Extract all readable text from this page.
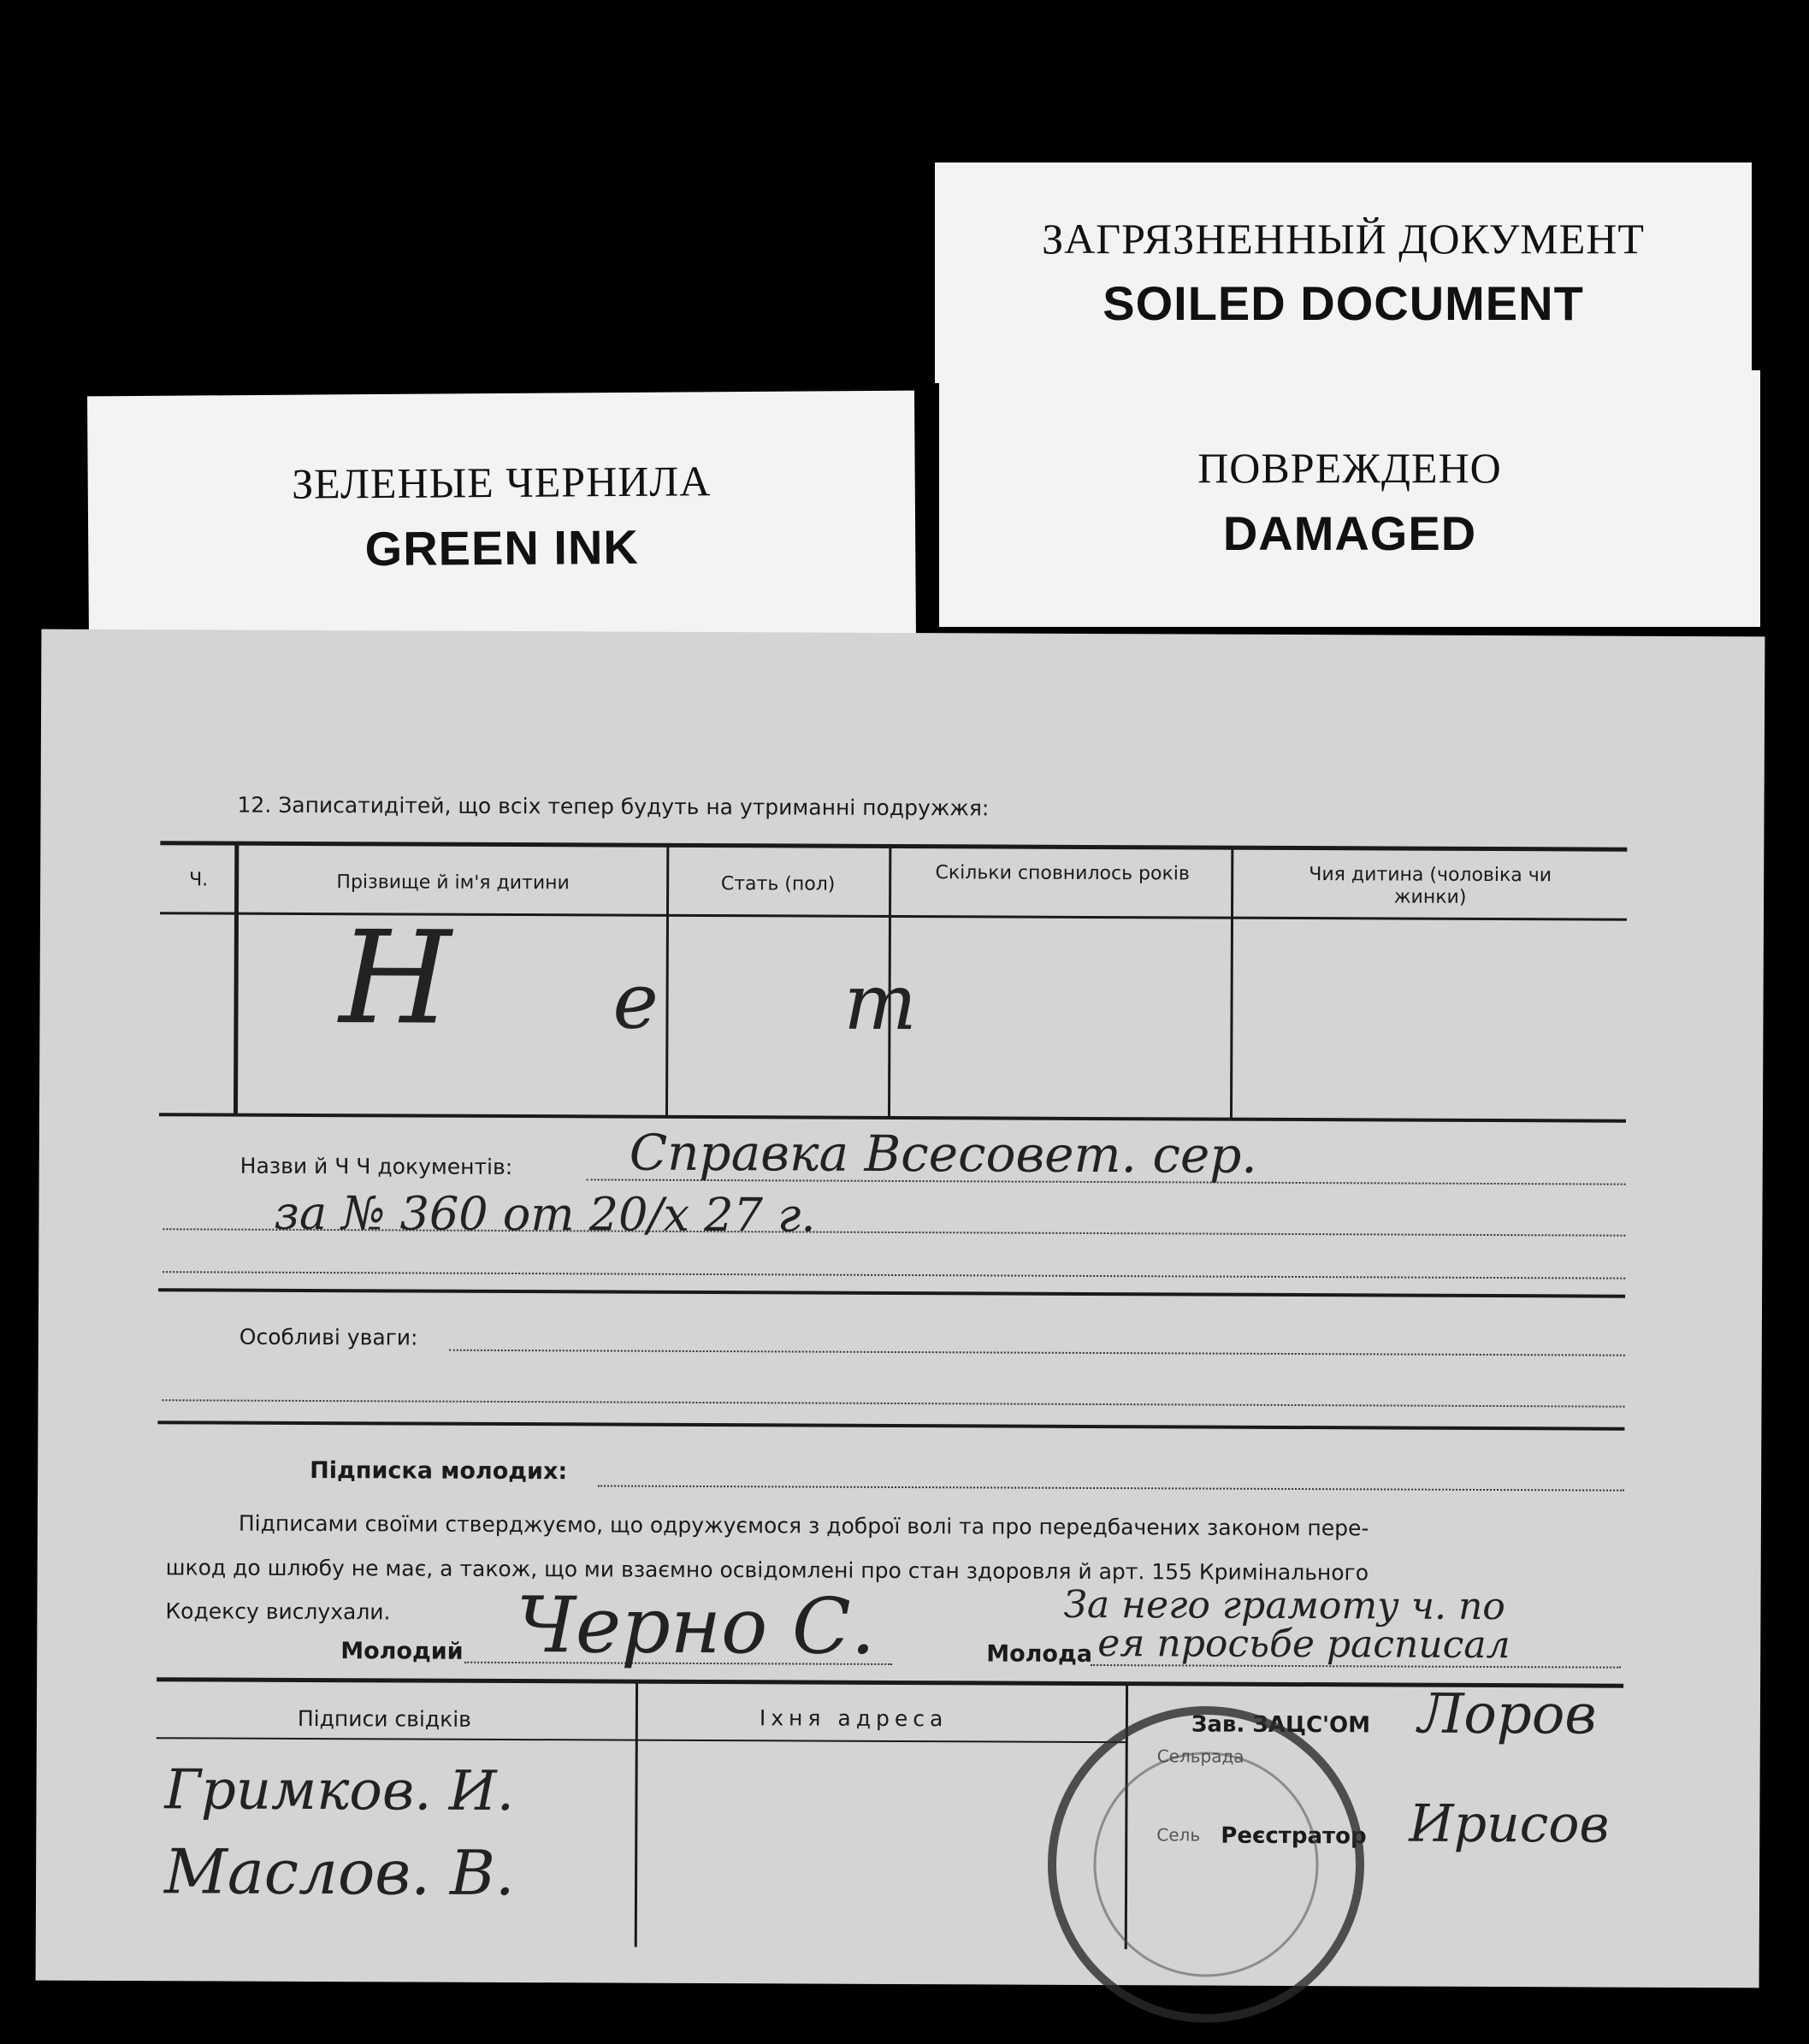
ЗАГРЯЗНЕННЫЙ ДОКУМЕНТ
SOILED DOCUMENT
ПОВРЕЖДЕНО
DAMAGED
ЗЕЛЕНЫЕ ЧЕРНИЛА
GREEN INK
12. Записатидітей, що всіх тепер будуть на утриманні подружжя:
Ч.	Прізвище й ім'я дитини	Стать (пол)	Скільки сповнилось років	Чия дитина (чоловіка чи жинки)
Н е т
Назви й Ч Ч документів: Справка Всесовет. сер.
за № 360 от 20/х 27 г.
Особливі уваги:
Підписка молодих:
Підписами своїми стверджуємо, що одружуємося з доброї волі та про передбачених законом пере-
шкод до шлюбу не має, а також, що ми взаємно освідомлені про стан здоровля й арт. 155 Кримінального
Кодексу вислухали.
Молодий Черно С.	Молода
За него грамоту ч. по
ея просьбе расписал
Підписи свідків	Іхня адреса
Гримков. И.
Маслов. В.
Зав. ЗАЦС'ОМ
Сельрада
Реєстратор
Сель
Лоров
Ирисов
